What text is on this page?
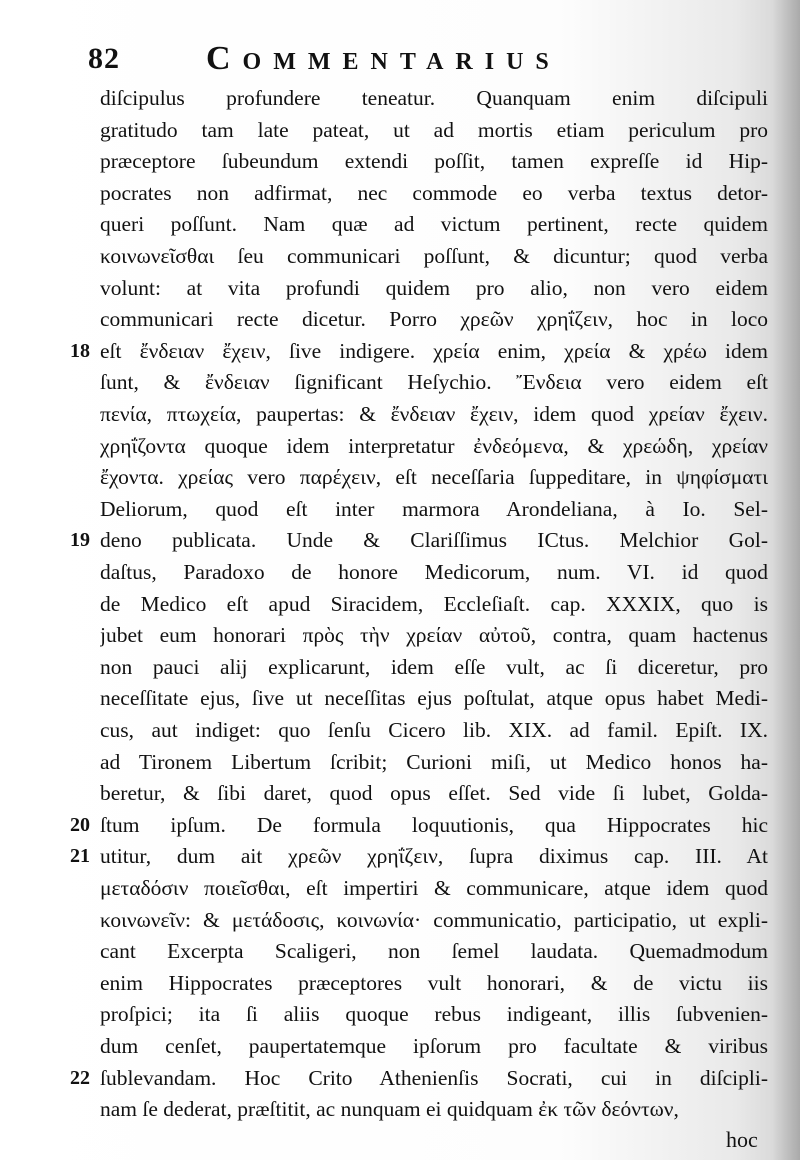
82	Commentarius
diſcipulus profundere teneatur. Quanquam enim diſcipuli
gratitudo tam late pateat, ut ad mortis etiam periculum pro
præceptore ſubeundum extendi poſſit, tamen expreſſe id Hip-
pocrates non adfirmat, nec commode eo verba textus detor-
queri poſſunt. Nam quæ ad victum pertinent, recte quidem
κοινωνεῖσθαι ſeu communicari poſſunt, & dicuntur; quod verba
volunt: at vita profundi quidem pro alio, non vero eidem
communicari recte dicetur. Porro χρεῶν χρηΐζειν, hoc in loco
eſt ἔνδειαν ἔχειν, ſive indigere. χρεία enim, χρεία & χρέω idem
ſunt, & ἔνδειαν ſignificant Heſychio. Ἔνδεια vero eidem eſt
πενία, πτωχεία, paupertas: & ἔνδειαν ἔχειν, idem quod χρείαν ἔχειν.
χρηΐζοντα quoque idem interpretatur ἐνδεόμενα, & χρεώδη, χρείαν
ἔχοντα. χρείας vero παρέχειν, eſt neceſſaria ſuppeditare, in ψηφίσματι
Deliorum, quod eſt inter marmora Arondeliana, à Io. Sel-
deno publicata. Unde & Clariſſimus ICtus. Melchior Gol-
daſtus, Paradoxo de honore Medicorum, num. VI. id quod
de Medico eſt apud Siracidem, Eccleſiaſt. cap. XXXIX, quo is
jubet eum honorari πρὸς τὴν χρείαν αὐτοῦ, contra, quam hactenus
non pauci alij explicarunt, idem eſſe vult, ac ſi diceretur, pro
neceſſitate ejus, ſive ut neceſſitas ejus poſtulat, atque opus habet Medi-
cus, aut indiget: quo ſenſu Cicero lib. XIX. ad famil. Epiſt. IX.
ad Tironem Libertum ſcribit; Curioni miſi, ut Medico honos ha-
beretur, & ſibi daret, quod opus eſſet. Sed vide ſi lubet, Golda-
ſtum ipſum. De formula loquutionis, qua Hippocrates hic
utitur, dum ait χρεῶν χρηΐζειν, ſupra diximus cap. III. At
μεταδόσιν ποιεῖσθαι, eſt impertiri & communicare, atque idem quod
κοινωνεῖν: & μετάδοσις, κοινωνία· communicatio, participatio, ut expli-
cant Excerpta Scaligeri, non ſemel laudata. Quemadmodum
enim Hippocrates præceptores vult honorari, & de victu iis
proſpici; ita ſi aliis quoque rebus indigeant, illis ſubvenien-
dum cenſet, paupertatemque ipſorum pro facultate & viribus
ſublevandam. Hoc Crito Athenienſis Socrati, cui in diſcipli-
nam ſe dederat, præſtitit, ac nunquam ei quidquam ἐκ τῶν δεόντων,
18
19
20
21
22
hoc
